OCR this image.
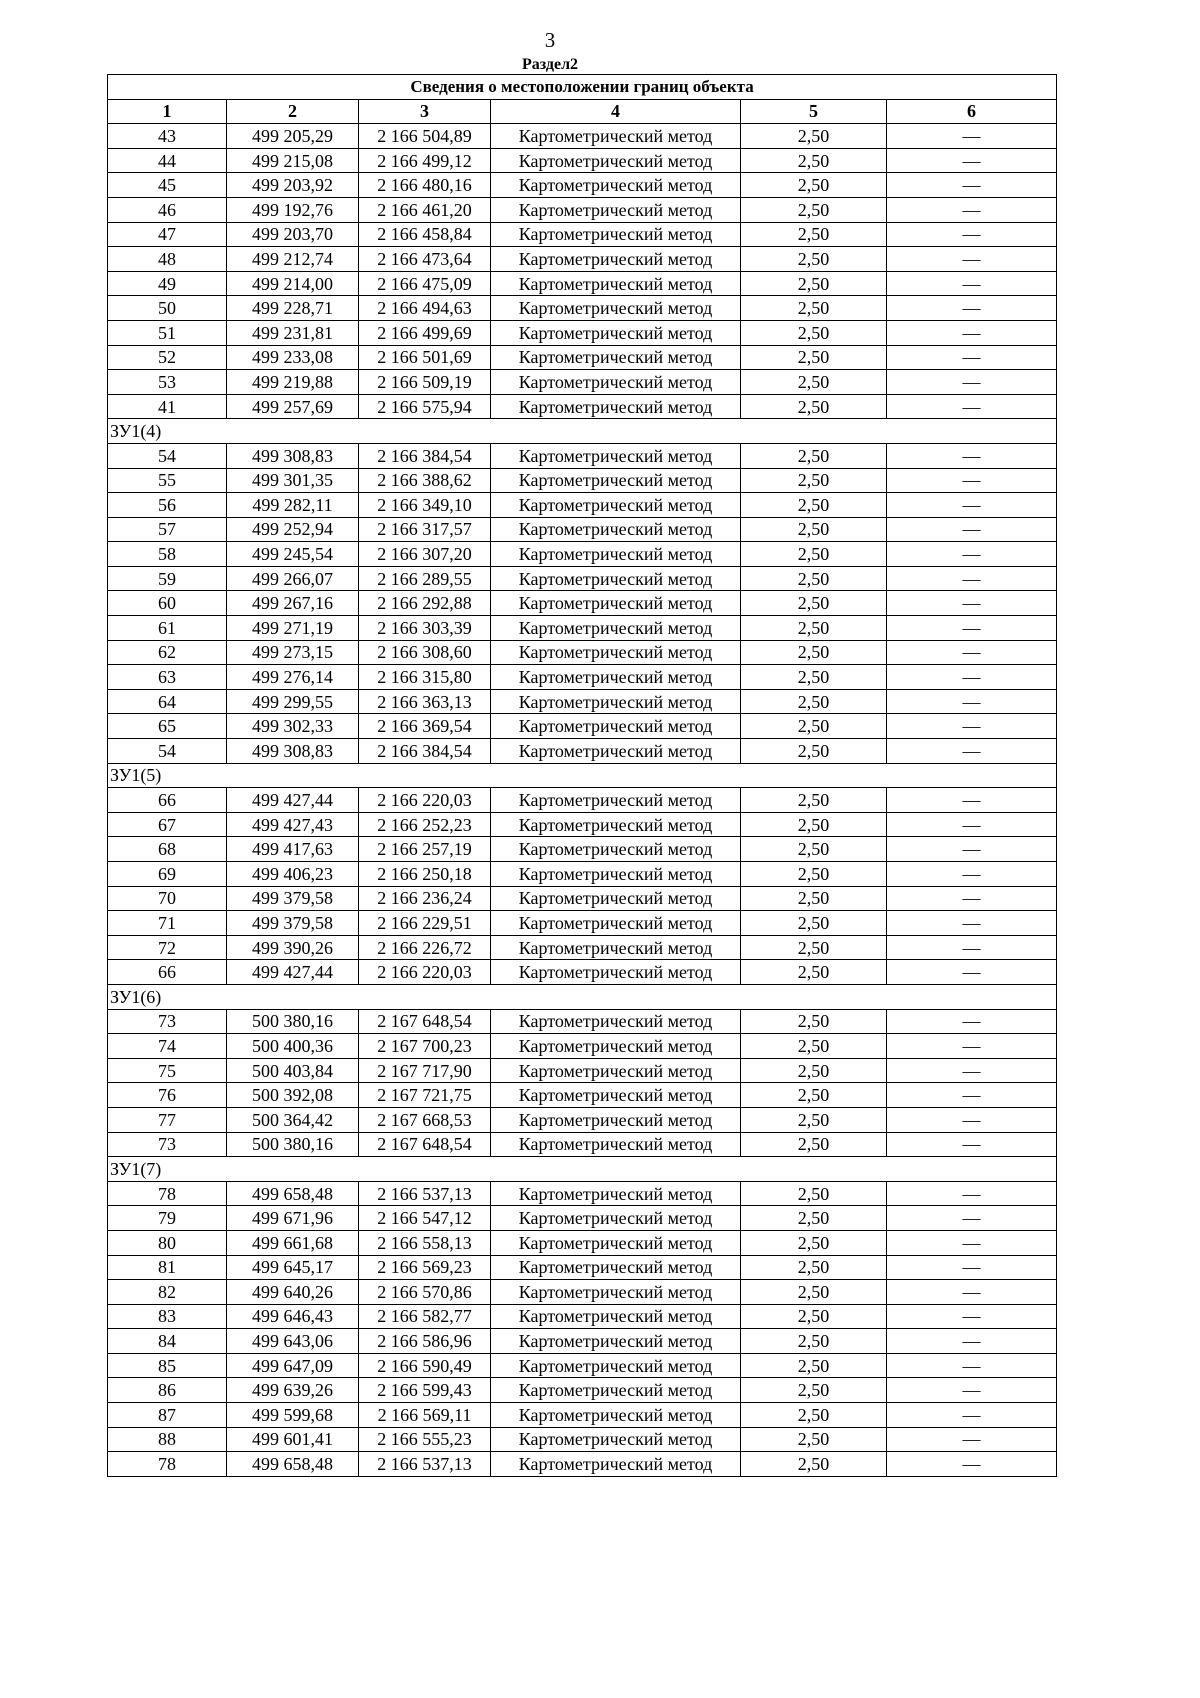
3
Раздел2
Сведения о местоположении границ объекта					
1	2	3	4	5	6
43	499 205,29	2 166 504,89	Картометрический метод	2,50	—
44	499 215,08	2 166 499,12	Картометрический метод	2,50	—
45	499 203,92	2 166 480,16	Картометрический метод	2,50	—
46	499 192,76	2 166 461,20	Картометрический метод	2,50	—
47	499 203,70	2 166 458,84	Картометрический метод	2,50	—
48	499 212,74	2 166 473,64	Картометрический метод	2,50	—
49	499 214,00	2 166 475,09	Картометрический метод	2,50	—
50	499 228,71	2 166 494,63	Картометрический метод	2,50	—
51	499 231,81	2 166 499,69	Картометрический метод	2,50	—
52	499 233,08	2 166 501,69	Картометрический метод	2,50	—
53	499 219,88	2 166 509,19	Картометрический метод	2,50	—
41	499 257,69	2 166 575,94	Картометрический метод	2,50	—
ЗУ1(4)					
54	499 308,83	2 166 384,54	Картометрический метод	2,50	—
55	499 301,35	2 166 388,62	Картометрический метод	2,50	—
56	499 282,11	2 166 349,10	Картометрический метод	2,50	—
57	499 252,94	2 166 317,57	Картометрический метод	2,50	—
58	499 245,54	2 166 307,20	Картометрический метод	2,50	—
59	499 266,07	2 166 289,55	Картометрический метод	2,50	—
60	499 267,16	2 166 292,88	Картометрический метод	2,50	—
61	499 271,19	2 166 303,39	Картометрический метод	2,50	—
62	499 273,15	2 166 308,60	Картометрический метод	2,50	—
63	499 276,14	2 166 315,80	Картометрический метод	2,50	—
64	499 299,55	2 166 363,13	Картометрический метод	2,50	—
65	499 302,33	2 166 369,54	Картометрический метод	2,50	—
54	499 308,83	2 166 384,54	Картометрический метод	2,50	—
ЗУ1(5)					
66	499 427,44	2 166 220,03	Картометрический метод	2,50	—
67	499 427,43	2 166 252,23	Картометрический метод	2,50	—
68	499 417,63	2 166 257,19	Картометрический метод	2,50	—
69	499 406,23	2 166 250,18	Картометрический метод	2,50	—
70	499 379,58	2 166 236,24	Картометрический метод	2,50	—
71	499 379,58	2 166 229,51	Картометрический метод	2,50	—
72	499 390,26	2 166 226,72	Картометрический метод	2,50	—
66	499 427,44	2 166 220,03	Картометрический метод	2,50	—
ЗУ1(6)					
73	500 380,16	2 167 648,54	Картометрический метод	2,50	—
74	500 400,36	2 167 700,23	Картометрический метод	2,50	—
75	500 403,84	2 167 717,90	Картометрический метод	2,50	—
76	500 392,08	2 167 721,75	Картометрический метод	2,50	—
77	500 364,42	2 167 668,53	Картометрический метод	2,50	—
73	500 380,16	2 167 648,54	Картометрический метод	2,50	—
ЗУ1(7)					
78	499 658,48	2 166 537,13	Картометрический метод	2,50	—
79	499 671,96	2 166 547,12	Картометрический метод	2,50	—
80	499 661,68	2 166 558,13	Картометрический метод	2,50	—
81	499 645,17	2 166 569,23	Картометрический метод	2,50	—
82	499 640,26	2 166 570,86	Картометрический метод	2,50	—
83	499 646,43	2 166 582,77	Картометрический метод	2,50	—
84	499 643,06	2 166 586,96	Картометрический метод	2,50	—
85	499 647,09	2 166 590,49	Картометрический метод	2,50	—
86	499 639,26	2 166 599,43	Картометрический метод	2,50	—
87	499 599,68	2 166 569,11	Картометрический метод	2,50	—
88	499 601,41	2 166 555,23	Картометрический метод	2,50	—
78	499 658,48	2 166 537,13	Картометрический метод	2,50	—
